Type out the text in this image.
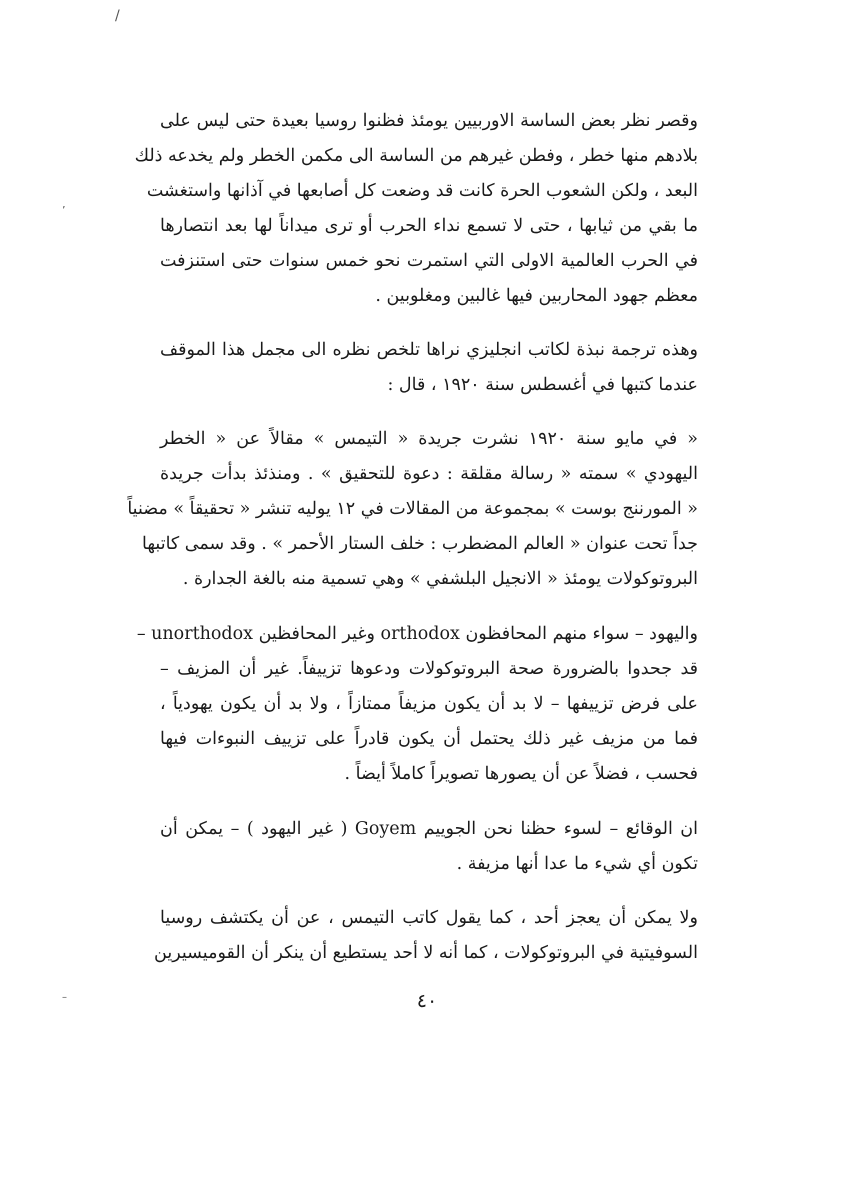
/
ʼ
–
وقصر نظر بعض الساسة الاوربيين يومئذ فظنوا روسيا بعيدة حتى ليس على
بلادهم منها خطر ، وفطن غيرهم من الساسة الى مكمن الخطر ولم يخدعه ذلك
البعد ، ولكن الشعوب الحرة كانت قد وضعت كل أصابعها في آذانها واستغشت
ما بقي من ثيابها ، حتى لا تسمع نداء الحرب أو ترى ميداناً لها بعد انتصارها
في الحرب العالمية الاولى التي استمرت نحو خمس سنوات حتى استنزفت
معظم جهود المحاربين فيها غالبين ومغلوبين .
وهذه ترجمة نبذة لكاتب انجليزي نراها تلخص نظره الى مجمل هذا الموقف
عندما كتبها في أغسطس سنة ١٩٢٠ ، قال :
« في مايو سنة ١٩٢٠ نشرت جريدة « التيمس » مقالاً عن « الخطر
اليهودي » سمته « رسالة مقلقة : دعوة للتحقيق » . ومنذئذ بدأت جريدة
« المورننج بوست » بمجموعة من المقالات في ١٢ يوليه تنشر « تحقيقاً » مضنياً
جداً تحت عنوان « العالم المضطرب : خلف الستار الأحمر » . وقد سمى كاتبها
البروتوكولات يومئذ « الانجيل البلشفي » وهي تسمية منه بالغة الجدارة .
واليهود – سواء منهم المحافظون orthodox وغير المحافظين unorthodox –
قد جحدوا بالضرورة صحة البروتوكولات ودعوها تزييفاً. غير أن المزيف –
على فرض تزييفها – لا بد أن يكون مزيفاً ممتازاً ، ولا بد أن يكون يهودياً ،
فما من مزيف غير ذلك يحتمل أن يكون قادراً على تزييف النبوءات فيها
فحسب ، فضلاً عن أن يصورها تصويراً كاملاً أيضاً .
ان الوقائع – لسوء حظنا نحن الجوييم Goyem ( غير اليهود ) – يمكن أن
تكون أي شيء ما عدا أنها مزيفة .
ولا يمكن أن يعجز أحد ، كما يقول كاتب التيمس ، عن أن يكتشف روسيا
السوفيتية في البروتوكولات ، كما أنه لا أحد يستطيع أن ينكر أن القوميسيرين
٤٠
